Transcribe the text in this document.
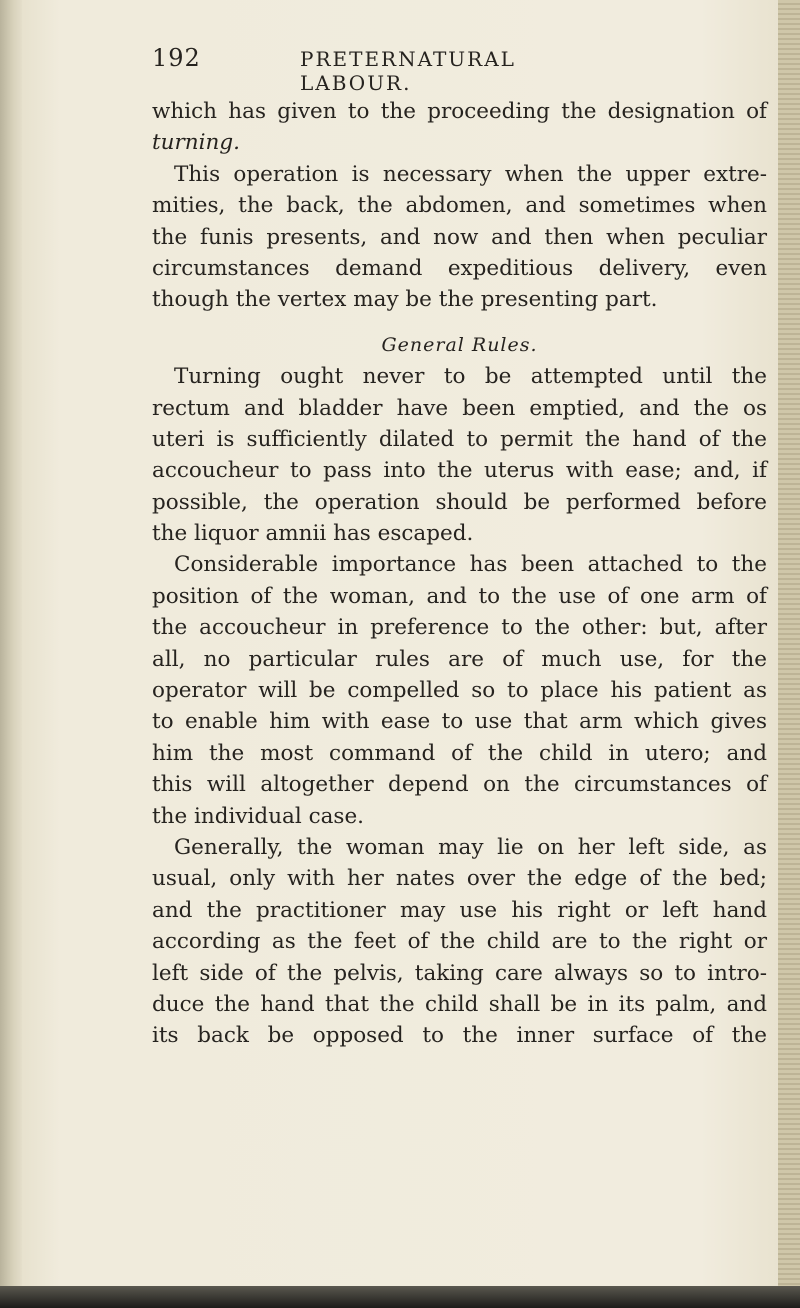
192	PRETERNATURAL LABOUR.
which has given to the proceeding the designation of
turning.
This operation is necessary when the upper extre-
mities, the back, the abdomen, and sometimes when
the funis presents, and now and then when peculiar
circumstances demand expeditious delivery, even
though the vertex may be the presenting part.
General Rules.
Turning ought never to be attempted until the
rectum and bladder have been emptied, and the os
uteri is sufficiently dilated to permit the hand of the
accoucheur to pass into the uterus with ease; and, if
possible, the operation should be performed before
the liquor amnii has escaped.
Considerable importance has been attached to the
position of the woman, and to the use of one arm of
the accoucheur in preference to the other: but, after
all, no particular rules are of much use, for the
operator will be compelled so to place his patient as
to enable him with ease to use that arm which gives
him the most command of the child in utero; and
this will altogether depend on the circumstances of
the individual case.
Generally, the woman may lie on her left side, as
usual, only with her nates over the edge of the bed;
and the practitioner may use his right or left hand
according as the feet of the child are to the right or
left side of the pelvis, taking care always so to intro-
duce the hand that the child shall be in its palm, and
its back be opposed to the inner surface of the
